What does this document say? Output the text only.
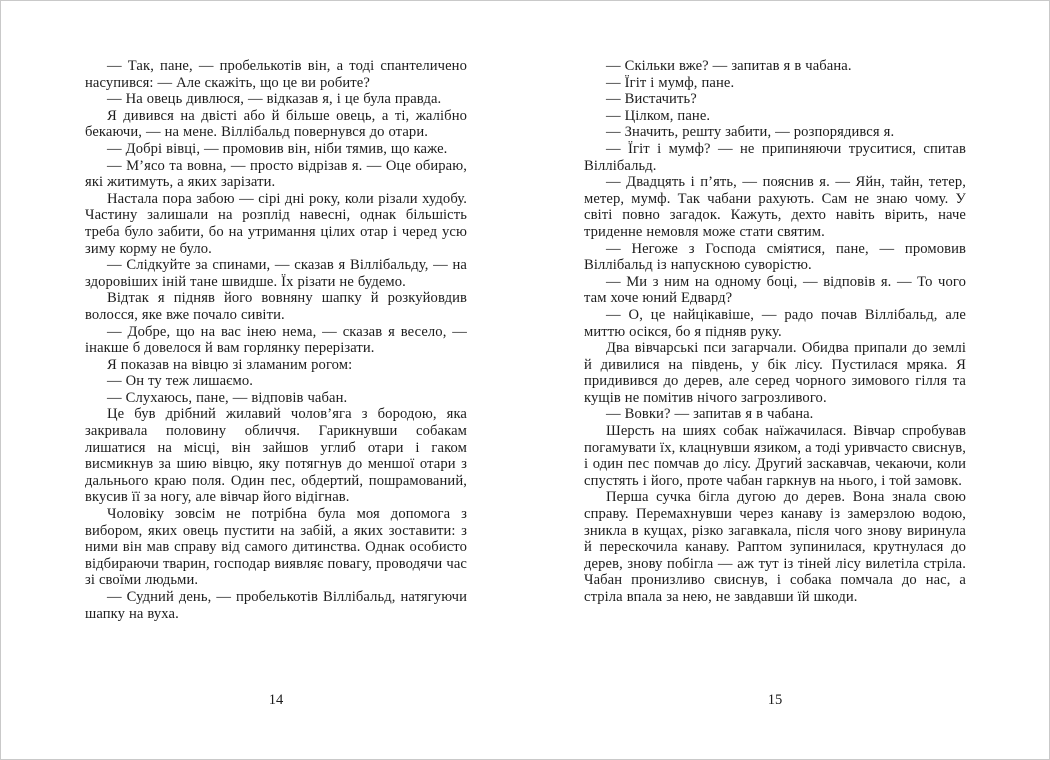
— Так, пане, — пробелькотів він, а тоді спантеличено насупився: — Але скажіть, що це ви робите?

— На овець дивлюся, — відказав я, і це була правда.

Я дивився на двісті або й більше овець, а ті, жалібно бекаючи, — на мене. Віллібальд повернувся до отари.

— Добрі вівці, — промовив він, ніби тямив, що каже.

— М’ясо та вовна, — просто відрізав я. — Оце обираю, які житимуть, а яких зарізати.

Настала пора забою — сірі дні року, коли різали худобу. Частину залишали на розплід навесні, однак більшість треба було забити, бо на утримання цілих отар і черед усю зиму корму не було.

— Слідкуйте за спинами, — сказав я Віллібальду, — на здоровіших іній тане швидше. Їх різати не будемо.

Відтак я підняв його вовняну шапку й розкуйовдив волосся, яке вже почало сивіти.

— Добре, що на вас інею нема, — сказав я весело, — інакше б довелося й вам горлянку перерізати.

Я показав на вівцю зі зламаним рогом:

— Он ту теж лишаємо.

— Слухаюсь, пане, — відповів чабан.

Це був дрібний жилавий чолов’яга з бородою, яка закривала половину обличчя. Гарикнувши собакам лишатися на місці, він зайшов углиб отари і гаком висмикнув за шию вівцю, яку потягнув до меншої отари з дальнього краю поля. Один пес, обдертий, пошрамований, вкусив її за ногу, але вівчар його відігнав.

Чоловіку зовсім не потрібна була моя допомога з вибором, яких овець пустити на забій, а яких зоставити: з ними він мав справу від самого дитинства. Однак особисто відбираючи тварин, господар виявляє повагу, проводячи час зі своїми людьми.

— Судний день, — пробелькотів Віллібальд, натягуючи шапку на вуха.

14

— Скільки вже? — запитав я в чабана.

— Їгіт і мумф, пане.

— Вистачить?

— Цілком, пане.

— Значить, решту забити, — розпорядився я.

— Їгіт і мумф? — не припиняючи труситися, спитав Віллібальд.

— Двадцять і п’ять, — пояснив я. — Яйн, тайн, тетер, метер, мумф. Так чабани рахують. Сам не знаю чому. У світі повно загадок. Кажуть, дехто навіть вірить, наче триденне немовля може стати святим.

— Негоже з Господа сміятися, пане, — промовив Віллібальд із напускною суворістю.

— Ми з ним на одному боці, — відповів я. — То чого там хоче юний Едвард?

— О, це найцікавіше, — радо почав Віллібальд, але миттю осікся, бо я підняв руку.

Два вівчарські пси загарчали. Обидва припали до землі й дивилися на південь, у бік лісу. Пустилася мряка. Я придивився до дерев, але серед чорного зимового гілля та кущів не помітив нічого загрозливого.

— Вовки? — запитав я в чабана.

Шерсть на шиях собак наїжачилася. Вівчар спробував погамувати їх, клацнувши язиком, а тоді уривчасто свиснув, і один пес помчав до лісу. Другий заскавчав, чекаючи, коли спустять і його, проте чабан гаркнув на нього, і той замовк.

Перша сучка бігла дугою до дерев. Вона знала свою справу. Перемахнувши через канаву із замерзлою водою, зникла в кущах, різко загавкала, після чого знову виринула й перескочила канаву. Раптом зупинилася, крутнулася до дерев, знову побігла — аж тут із тіней лісу вилетіла стріла. Чабан пронизливо свиснув, і собака помчала до нас, а стріла впала за нею, не завдавши їй шкоди.

15
